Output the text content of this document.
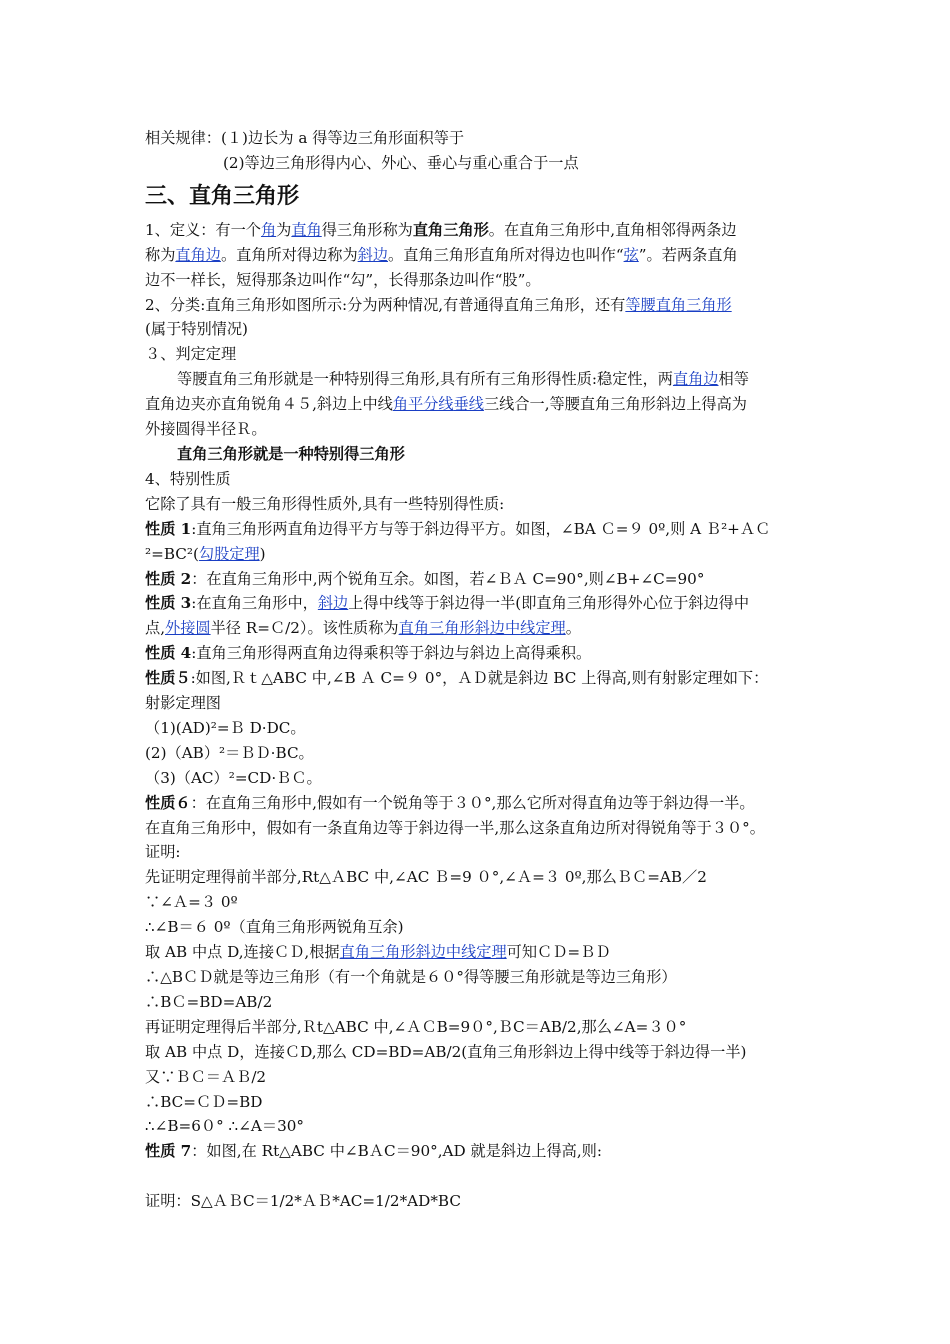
相关规律：(１)边长为 a 得等边三角形面积等于
(2)等边三角形得内心、外心、垂心与重心重合于一点
三、直角三角形
1、定义：有一个角为直角得三角形称为直角三角形。在直角三角形中,直角相邻得两条边
称为直角边。直角所对得边称为斜边。直角三角形直角所对得边也叫作“弦”。若两条直角
边不一样长，短得那条边叫作“勾”，长得那条边叫作“股”。
2、分类:直角三角形如图所示:分为两种情况,有普通得直角三角形，还有等腰直角三角形
(属于特别情况)
３、判定定理
等腰直角三角形就是一种特别得三角形,具有所有三角形得性质:稳定性，两直角边相等
直角边夹亦直角锐角４５,斜边上中线角平分线垂线三线合一,等腰直角三角形斜边上得高为
外接圆得半径Ｒ。
直角三角形就是一种特别得三角形
4、特别性质
它除了具有一般三角形得性质外,具有一些特别得性质:
性质 1:直角三角形两直角边得平方与等于斜边得平方。如图，∠BA Ｃ=９ 0º,则 A Ｂ²+ＡＣ
²=BC²(勾股定理)
性质 2：在直角三角形中,两个锐角互余。如图，若∠ＢＡ C=90°,则∠B+∠C=90°
性质 3:在直角三角形中，斜边上得中线等于斜边得一半(即直角三角形得外心位于斜边得中
点,外接圆半径 R=Ｃ/2）。该性质称为直角三角形斜边中线定理。
性质 4:直角三角形得两直角边得乘积等于斜边与斜边上高得乘积。
性质５:如图,Ｒｔ△ABC 中,∠B Ａ C=９ 0°，ＡＤ就是斜边 BC 上得高,则有射影定理如下：
射影定理图
（1)(AD)²=Ｂ D·DC。
(2)（AB）²＝ＢＤ·BC。
（3)（AC）²=CD·ＢＣ。
性质６：在直角三角形中,假如有一个锐角等于３０°,那么它所对得直角边等于斜边得一半。
在直角三角形中，假如有一条直角边等于斜边得一半,那么这条直角边所对得锐角等于３０°。
证明:
先证明定理得前半部分,Rt△ＡBC 中,∠AC Ｂ=9 ０°,∠Ａ=３ 0º,那么ＢＣ=AB／2
∵∠Ａ=３ 0º
∴∠B＝６ 0º（直角三角形两锐角互余)
取 AB 中点 D,连接ＣＤ,根据直角三角形斜边中线定理可知ＣＤ=ＢＤ
∴△BＣＤ就是等边三角形（有一个角就是６０°得等腰三角形就是等边三角形）
∴BＣ=BD=AB/2
再证明定理得后半部分,Ｒt△ABC 中,∠ＡＣB=9０°,ＢC＝AB/2,那么∠A=３０°
取 AB 中点 D，连接ＣD,那么 CD=BD=AB/2(直角三角形斜边上得中线等于斜边得一半)
又∵ＢＣ＝ＡＢ/2
∴BC=ＣＤ=BD
∴∠B=6０° ∴∠A＝30°
性质 7：如图,在 Rt△ABC 中∠BＡC＝90°,AD 就是斜边上得高,则:
证明：S△ＡＢC＝1/2*ＡＢ*AC=1/2*AD*BC
